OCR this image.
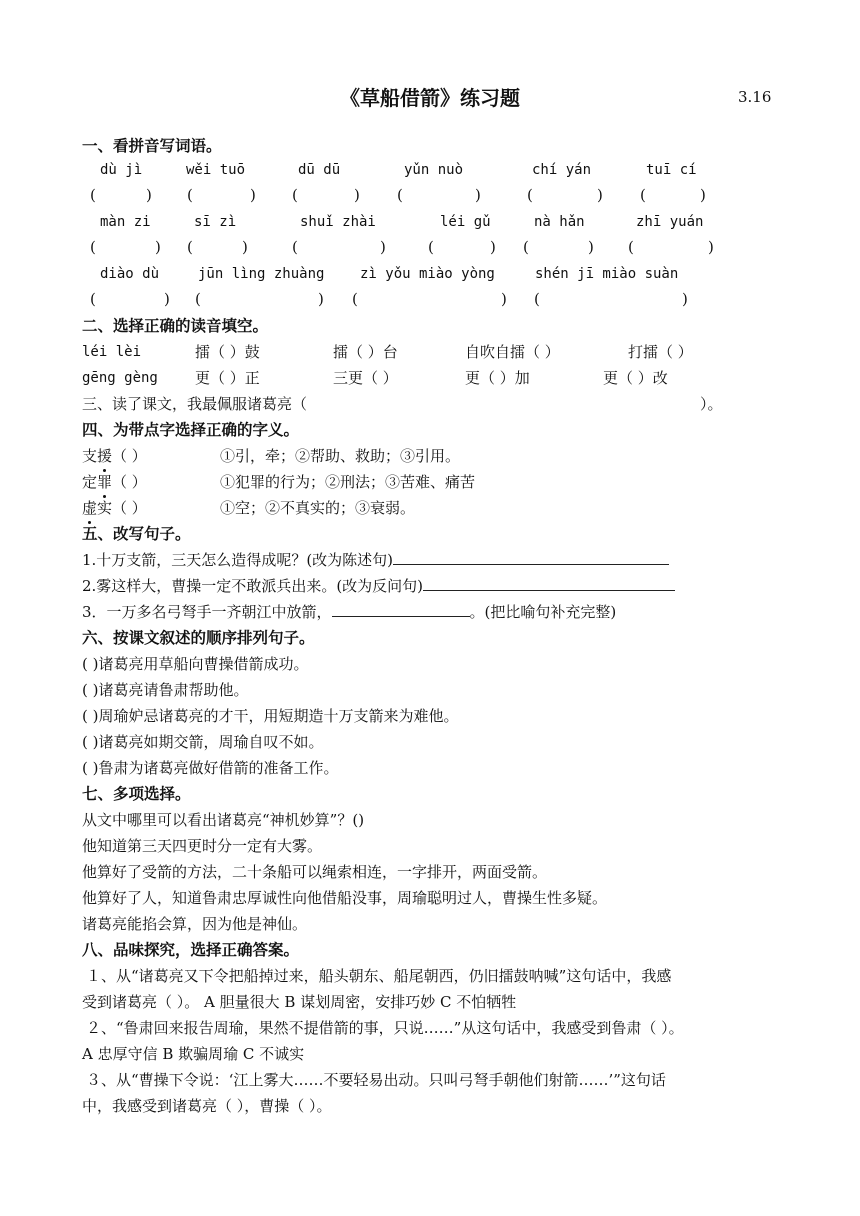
《草船借箭》练习题	3.16
一、看拼音写词语。
dù jì	wěi tuō	dū dū	yǔn nuò	chí yán	tuī cí
(	) (	) (	) (	)	(	) (	)
màn zi	sī zì	shuǐ zhài	léi gǔ	nà hǎn	zhī yuán
(	) (	)	(	)	(	) (	) (	)
diào dù	jūn lìng zhuàng	zì yǒu miào yòng	shén jī miào suàn
(	) (	) (	) (	)
二、选择正确的读音填空。
léi lèi	擂（ ）鼓	擂（ ）台	自吹自擂（ ）	打擂（ ）
gēng gèng 更（ ）正	三更（ ）	更（ ）加	更（ ）改
三、读了课文，我最佩服诸葛亮（	）。
四、为带点字选择正确的字义。
支援（ ）	①引，牵；②帮助、救助；③引用。
定罪（ ）	①犯罪的行为；②刑法；③苦难、痛苦
虚实（ ）	①空；②不真实的；③衰弱。
五、改写句子。
1.十万支箭，三天怎么造得成呢？(改为陈述句)
2.雾这样大，曹操一定不敢派兵出来。(改为反问句)
3．一万多名弓弩手一齐朝江中放箭，	。(把比喻句补充完整)
六、按课文叙述的顺序排列句子。
( )诸葛亮用草船向曹操借箭成功。
( )诸葛亮请鲁肃帮助他。
( )周瑜妒忌诸葛亮的才干，用短期造十万支箭来为难他。
( )诸葛亮如期交箭，周瑜自叹不如。
( )鲁肃为诸葛亮做好借箭的准备工作。
七、多项选择。
从文中哪里可以看出诸葛亮“神机妙算”？()
他知道第三天四更时分一定有大雾。
他算好了受箭的方法，二十条船可以绳索相连，一字排开，两面受箭。
他算好了人，知道鲁肃忠厚诚性向他借船没事，周瑜聪明过人，曹操生性多疑。
诸葛亮能掐会算，因为他是神仙。
八、品味探究，选择正确答案。
１、从“诸葛亮又下令把船掉过来，船头朝东、船尾朝西，仍旧擂鼓呐喊”这句话中，我感
受到诸葛亮（ ）。 A 胆量很大 B 谋划周密，安排巧妙 C 不怕牺牲
２、“鲁肃回来报告周瑜，果然不提借箭的事，只说……”从这句话中，我感受到鲁肃（ ）。
A 忠厚守信 B 欺骗周瑜 C 不诚实
３、从“曹操下令说：‘江上雾大……不要轻易出动。只叫弓弩手朝他们射箭……’”这句话
中，我感受到诸葛亮（ ），曹操（ ）。
